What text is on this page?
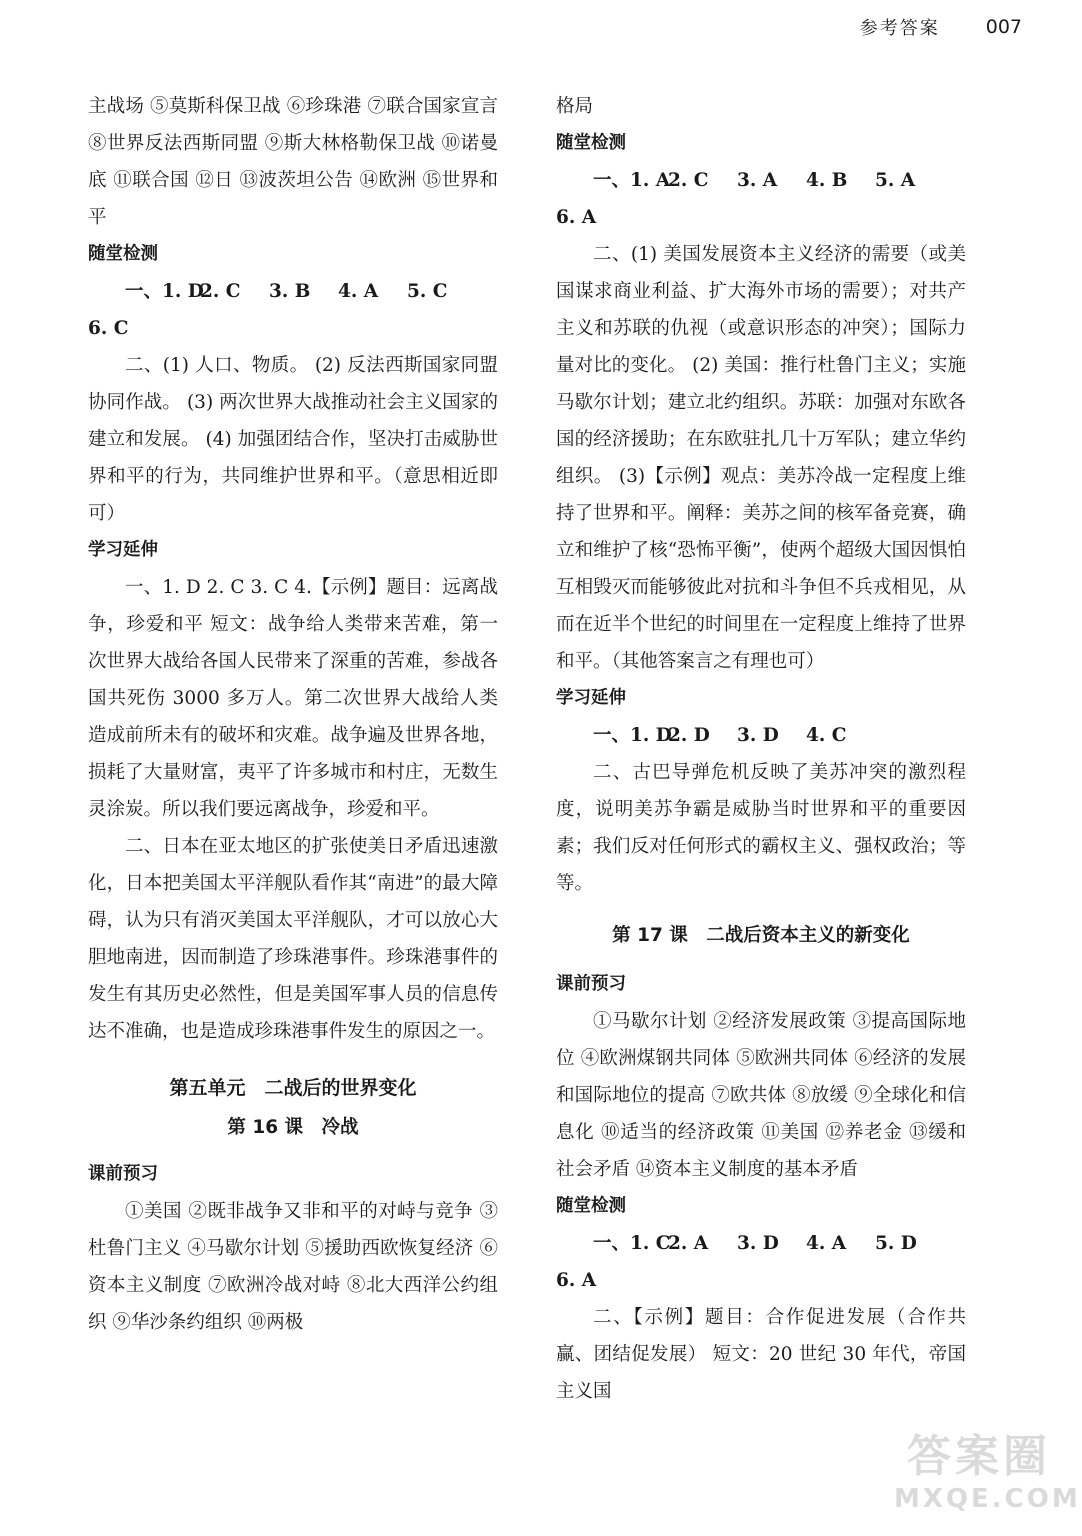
参考答案 007

主战场 ⑤莫斯科保卫战 ⑥珍珠港 ⑦联合国家宣言 ⑧世界反法西斯同盟 ⑨斯大林格勒保卫战 ⑩诺曼底 ⑪联合国 ⑫日 ⑬波茨坦公告 ⑭欧洲 ⑮世界和平

随堂检测

一、1. D
2. C	3. B	4. A	5. C

6. C

二、(1) 人口、物质。 (2) 反法西斯国家同盟协同作战。 (3) 两次世界大战推动社会主义国家的建立和发展。 (4) 加强团结合作，坚决打击威胁世界和平的行为，共同维护世界和平。（意思相近即可）

学习延伸

一、1. D 2. C 3. C 4.【示例】题目：远离战争，珍爱和平 短文：战争给人类带来苦难，第一次世界大战给各国人民带来了深重的苦难，参战各国共死伤 3000 多万人。第二次世界大战给人类造成前所未有的破坏和灾难。战争遍及世界各地，损耗了大量财富，夷平了许多城市和村庄，无数生灵涂炭。所以我们要远离战争，珍爱和平。

二、日本在亚太地区的扩张使美日矛盾迅速激化，日本把美国太平洋舰队看作其“南进”的最大障碍，认为只有消灭美国太平洋舰队，才可以放心大胆地南进，因而制造了珍珠港事件。珍珠港事件的发生有其历史必然性，但是美国军事人员的信息传达不准确，也是造成珍珠港事件发生的原因之一。

第五单元　二战后的世界变化

第 16 课　冷战

课前预习

①美国 ②既非战争又非和平的对峙与竞争 ③杜鲁门主义 ④马歇尔计划 ⑤援助西欧恢复经济 ⑥资本主义制度 ⑦欧洲冷战对峙 ⑧北大西洋公约组织 ⑨华沙条约组织 ⑩两极

格局

随堂检测

一、1. A
2. C	3. A	4. B	5. A

6. A

二、(1) 美国发展资本主义经济的需要（或美国谋求商业利益、扩大海外市场的需要）；对共产主义和苏联的仇视（或意识形态的冲突）；国际力量对比的变化。 (2) 美国：推行杜鲁门主义；实施马歇尔计划；建立北约组织。苏联：加强对东欧各国的经济援助；在东欧驻扎几十万军队；建立华约组织。 (3)【示例】观点：美苏冷战一定程度上维持了世界和平。阐释：美苏之间的核军备竞赛，确立和维护了核“恐怖平衡”，使两个超级大国因惧怕互相毁灭而能够彼此对抗和斗争但不兵戎相见，从而在近半个世纪的时间里在一定程度上维持了世界和平。（其他答案言之有理也可）

学习延伸

一、1. D
2. D	3. D	4. C

二、古巴导弹危机反映了美苏冲突的激烈程度，说明美苏争霸是威胁当时世界和平的重要因素；我们反对任何形式的霸权主义、强权政治；等等。

第 17 课　二战后资本主义的新变化

课前预习

①马歇尔计划 ②经济发展政策 ③提高国际地位 ④欧洲煤钢共同体 ⑤欧洲共同体 ⑥经济的发展和国际地位的提高 ⑦欧共体 ⑧放缓 ⑨全球化和信息化 ⑩适当的经济政策 ⑪美国 ⑫养老金 ⑬缓和社会矛盾 ⑭资本主义制度的基本矛盾

随堂检测

一、1. C
2. A	3. D	4. A	5. D

6. A

二、【示例】题目：合作促进发展（合作共赢、团结促发展） 短文：20 世纪 30 年代，帝国主义国

答案圈
MXQE.COM
